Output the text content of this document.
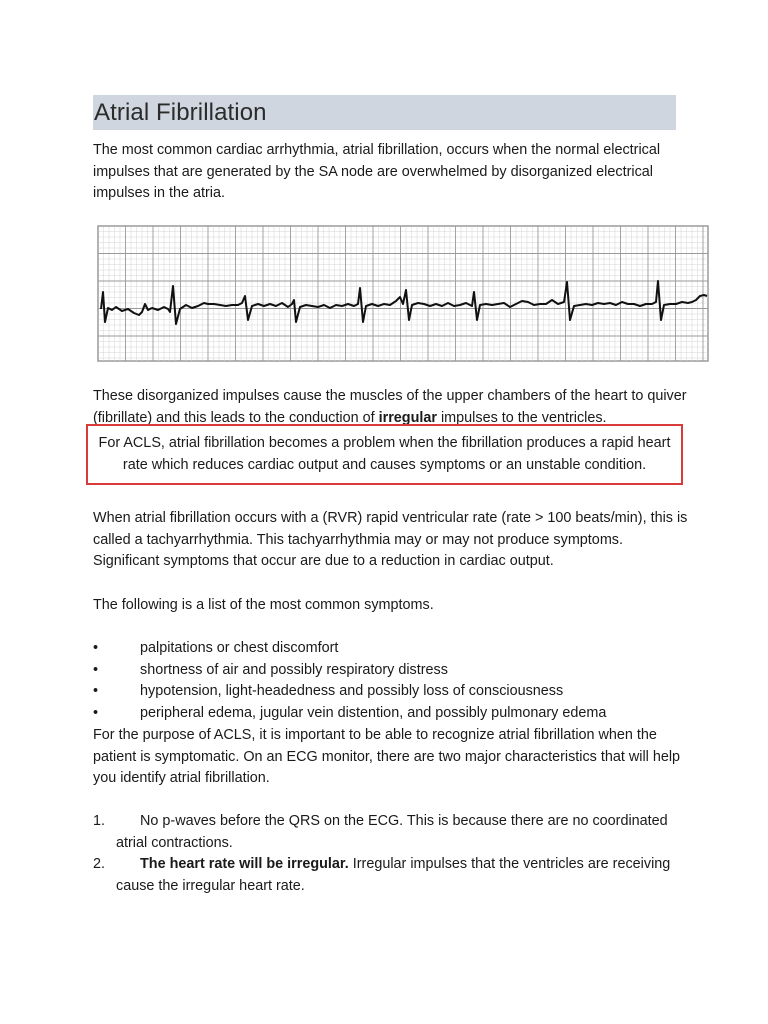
Atrial Fibrillation

The most common cardiac arrhythmia, atrial fibrillation, occurs when the normal electrical impulses that are generated by the SA node are overwhelmed by disorganized electrical impulses in the atria.

These disorganized impulses cause the muscles of the upper chambers of the heart to quiver (fibrillate) and this leads to the conduction of irregular impulses to the ventricles.

For ACLS, atrial fibrillation becomes a problem when the fibrillation produces a rapid heart rate which reduces cardiac output and causes symptoms or an unstable condition.

When atrial fibrillation occurs with a (RVR) rapid ventricular rate (rate > 100 beats/min), this is called a tachyarrhythmia. This tachyarrhythmia may or may not produce symptoms. Significant symptoms that occur are due to a reduction in cardiac output.

The following is a list of the most common symptoms.

•	palpitations or chest discomfort
•	shortness of air and possibly respiratory distress
•	hypotension, light-headedness and possibly loss of consciousness
•	peripheral edema, jugular vein distention, and possibly pulmonary edema

For the purpose of ACLS, it is important to be able to recognize atrial fibrillation when the patient is symptomatic. On an ECG monitor, there are two major characteristics that will help you identify atrial fibrillation.

1. No p-waves before the QRS on the ECG. This is because there are no coordinated atrial contractions.
2. The heart rate will be irregular. Irregular impulses that the ventricles are receiving cause the irregular heart rate.
